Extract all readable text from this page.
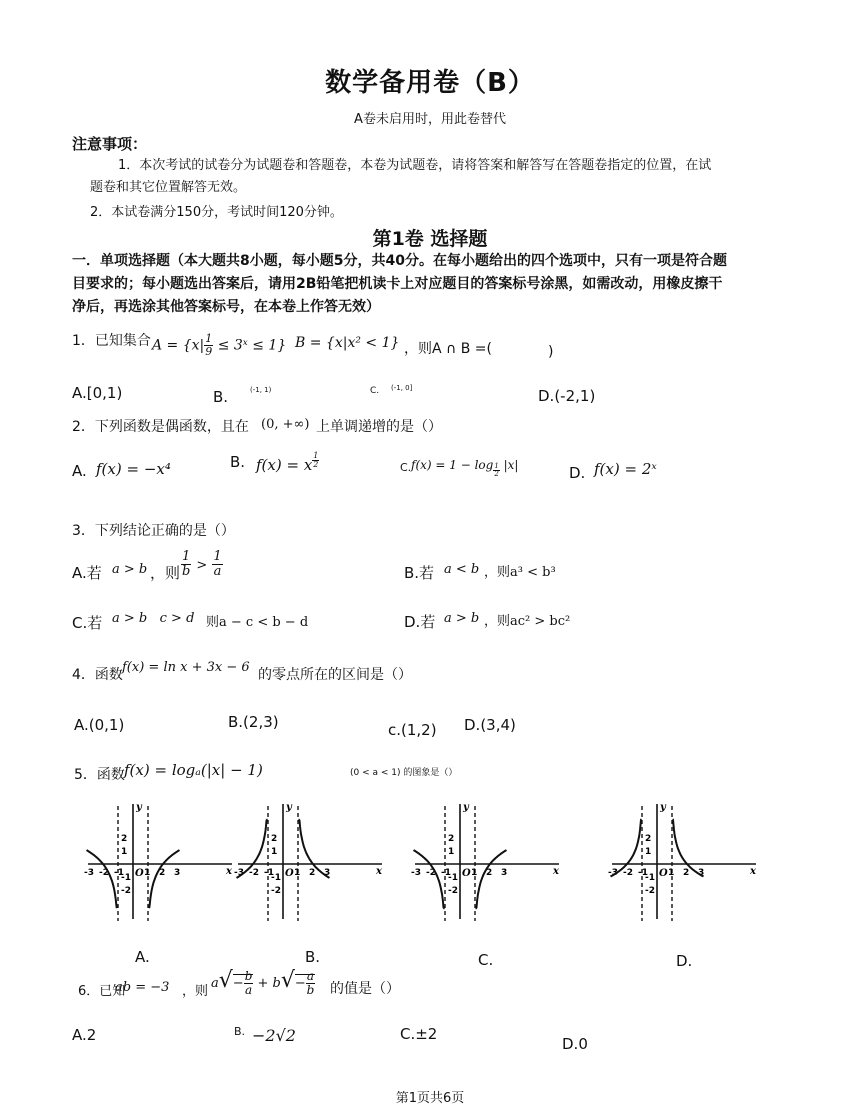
数学备用卷（B）
A卷未启用时，用此卷替代
注意事项：
1．本次考试的试卷分为试题卷和答题卷，本卷为试题卷，请将答案和解答写在答题卷指定的位置，在试
题卷和其它位置解答无效。
2．本试卷满分150分，考试时间120分钟。
第1卷 选择题
一．单项选择题（本大题共8小题，每小题5分，共40分。在每小题给出的四个选项中，只有一项是符合题
目要求的；每小题选出答案后，请用2B铅笔把机读卡上对应题目的答案标号涂黑，如需改动，用橡皮擦干
净后，再选涂其他答案标号，在本卷上作答无效）
1．已知集合 $A = \{x| \frac{1}{9}$ ≤ 3ˣ ≤ 1} B = {x|x² < 1} ，则A ∩ B =(	)
A.[0,1)	B.	(-1, 1)	C. (-1, 0]	D.(-2,1)
2．下列函数是偶函数，且在 (0, +∞) 上单调递增的是（）
A. f(x) = −x⁴	B. f(x) = x $\frac{1}{2}$	C. $f(x) = 1 - \log \frac{1}{2} |x|$	D. f(x) = 2ˣ
3．下列结论正确的是（）
A.若 a > b ，则 $\frac{1}{b} > \frac{1}{a}$	B.若 a < b ，则a³ < b³
C.若 a > b   c > d 则a − c < b − d	D.若 a > b ，则ac² > bc²
4．函数 f(x) = ln x + 3x − 6 的零点所在的区间是（）
A.(0,1)	B.(2,3)	c.(1,2) D.(3,4)
5．函数 f(x) = logₐ(|x| − 1)	(0 < a < 1) 的图象是（）
x
y
O
-3 -2 -1 1 2 3
2
1
-1
-2
x
y
O
-3 -2 -1 1 2 3
2
1
-1
-2
x
y
O
-3 -2 -1 1 2 3
2
1
-1
-2
x
y
O
-3 -2 -1 1 2 3
2
1
-1
-2
A.	B.	C.	D.
6．已知
ab = −3 ，则
$a√- \frac{b}{a} + b√- \frac{a}{b}$ 的值是（）
A.2	B. −2√2	C.±2
D.0
第1页共6页
